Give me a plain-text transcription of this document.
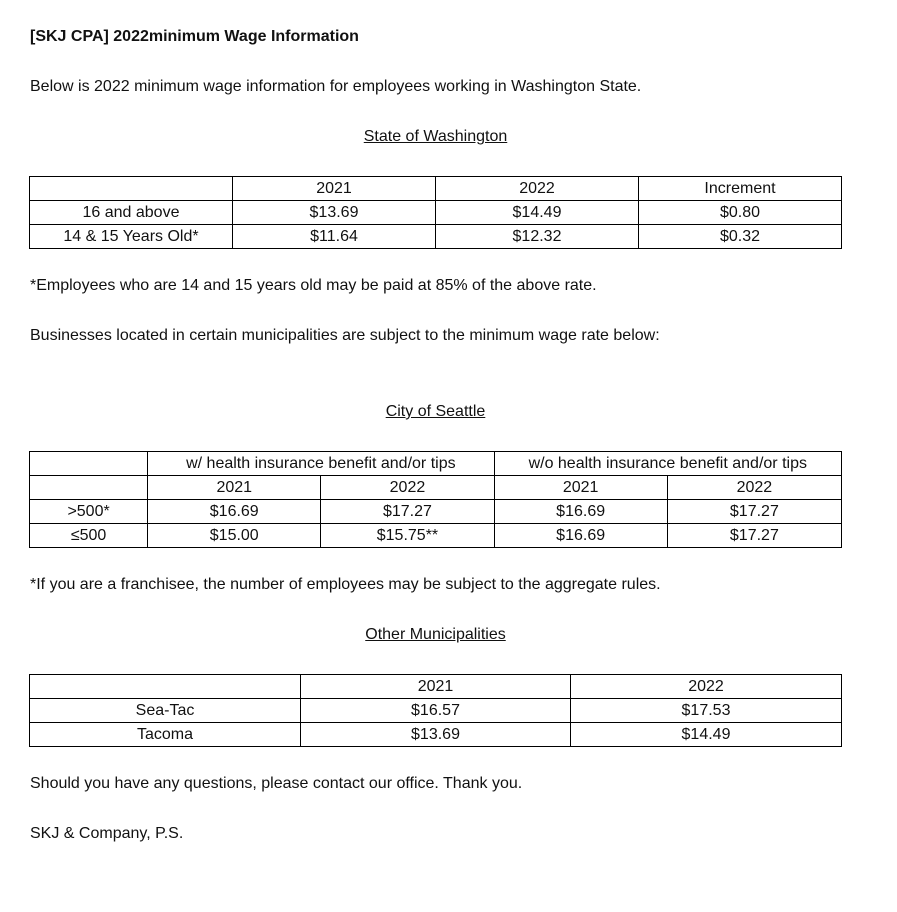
[SKJ CPA] 2022minimum Wage Information
Below is 2022 minimum wage information for employees working in Washington State.
State of Washington
	2021	2022	Increment
16 and above	$13.69	$14.49	$0.80
14 & 15 Years Old*	$11.64	$12.32	$0.32
*Employees who are 14 and 15 years old may be paid at 85% of the above rate.
Businesses located in certain municipalities are subject to the minimum wage rate below:
City of Seattle
	w/ health insurance benefit and/or tips		w/o health insurance benefit and/or tips	
	2021	2022	2021	2022
>500*	$16.69	$17.27	$16.69	$17.27
≤500	$15.00	$15.75**	$16.69	$17.27
*If you are a franchisee, the number of employees may be subject to the aggregate rules.
Other Municipalities
	2021	2022
Sea-Tac	$16.57	$17.53
Tacoma	$13.69	$14.49
Should you have any questions, please contact our office. Thank you.
SKJ & Company, P.S.
